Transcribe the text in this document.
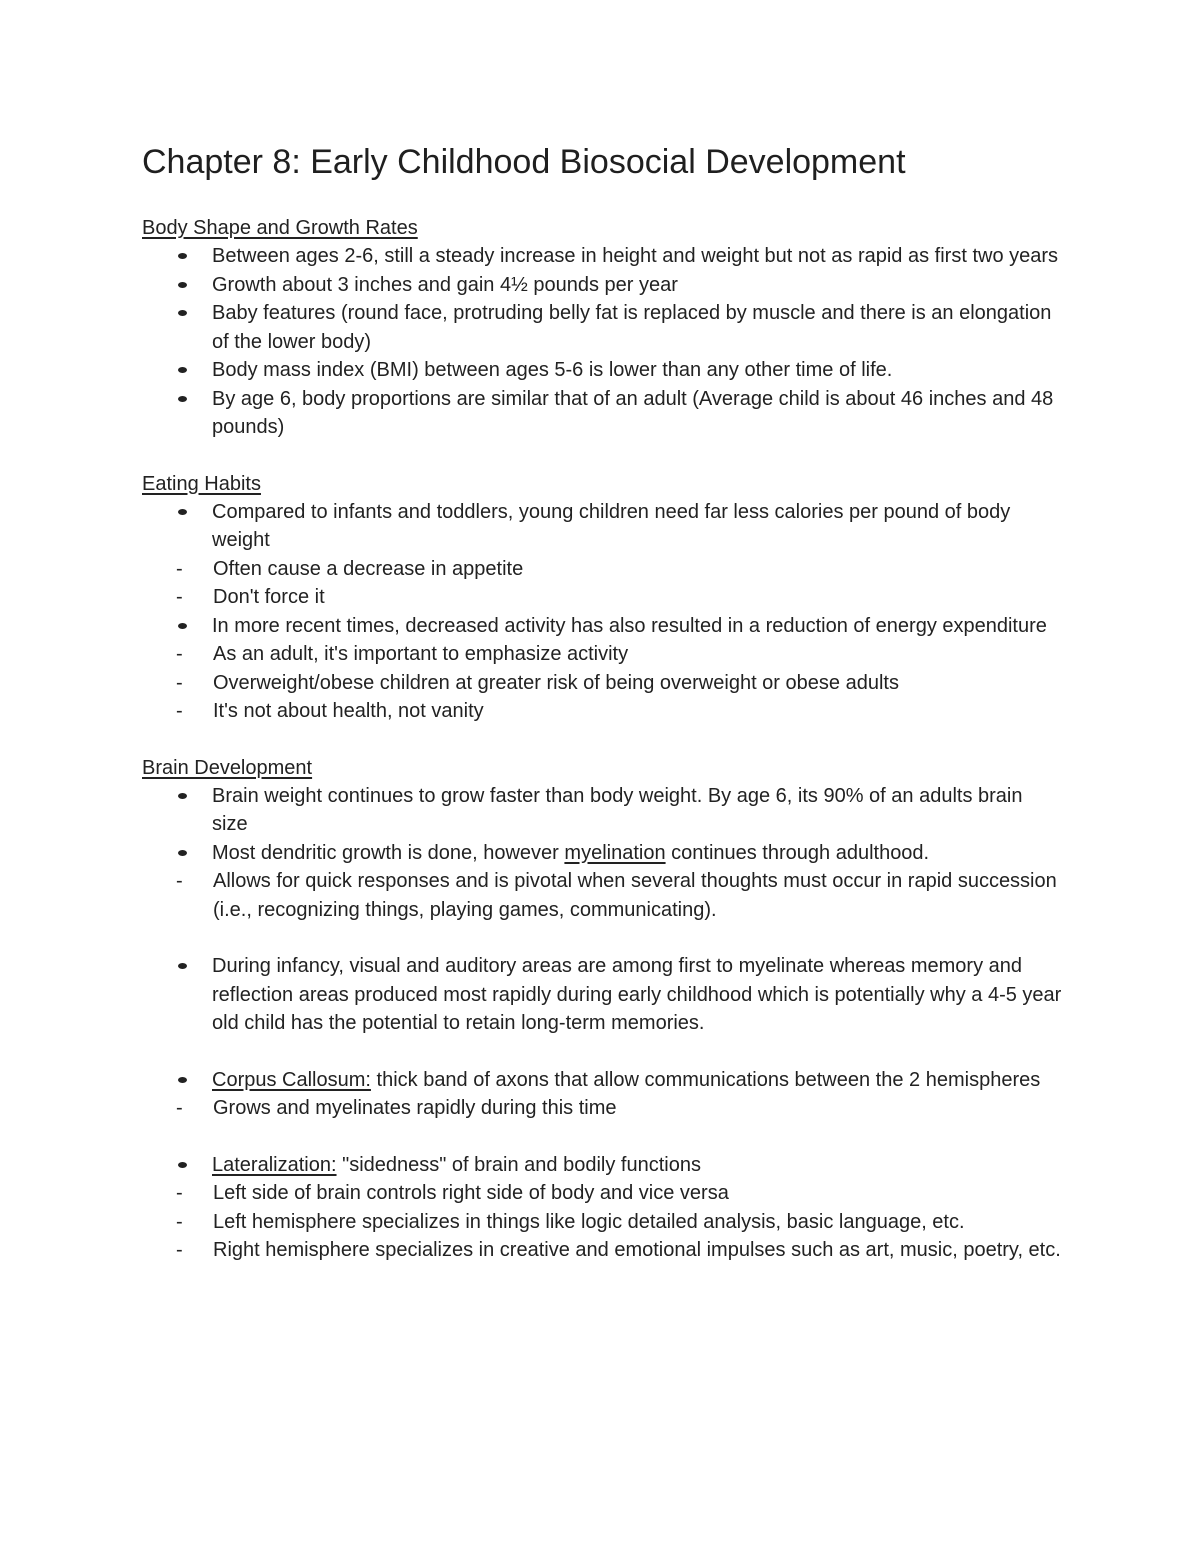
Chapter 8: Early Childhood Biosocial Development

Body Shape and Growth Rates

Between ages 2-6, still a steady increase in height and weight but not as rapid as first two years
Growth about 3 inches and gain 4½ pounds per year
Baby features (round face, protruding belly fat is replaced by muscle and there is an elongation of the lower body)
Body mass index (BMI) between ages 5-6 is lower than any other time of life.
By age 6, body proportions are similar that of an adult (Average child is about 46 inches and 48 pounds)

Eating Habits

Compared to infants and toddlers, young children need far less calories per pound of body weight
- Often cause a decrease in appetite
- Don't force it
In more recent times, decreased activity has also resulted in a reduction of energy expenditure
- As an adult, it's important to emphasize activity
- Overweight/obese children at greater risk of being overweight or obese adults
- It's not about health, not vanity

Brain Development

Brain weight continues to grow faster than body weight. By age 6, its 90% of an adults brain size
Most dendritic growth is done, however myelination continues through adulthood.
- Allows for quick responses and is pivotal when several thoughts must occur in rapid succession (i.e., recognizing things, playing games, communicating).
During infancy, visual and auditory areas are among first to myelinate whereas memory and reflection areas produced most rapidly during early childhood which is potentially why a 4-5 year old child has the potential to retain long-term memories.
Corpus Callosum: thick band of axons that allow communications between the 2 hemispheres
- Grows and myelinates rapidly during this time
Lateralization: "sidedness" of brain and bodily functions
- Left side of brain controls right side of body and vice versa
- Left hemisphere specializes in things like logic detailed analysis, basic language, etc.
- Right hemisphere specializes in creative and emotional impulses such as art, music, poetry, etc.
